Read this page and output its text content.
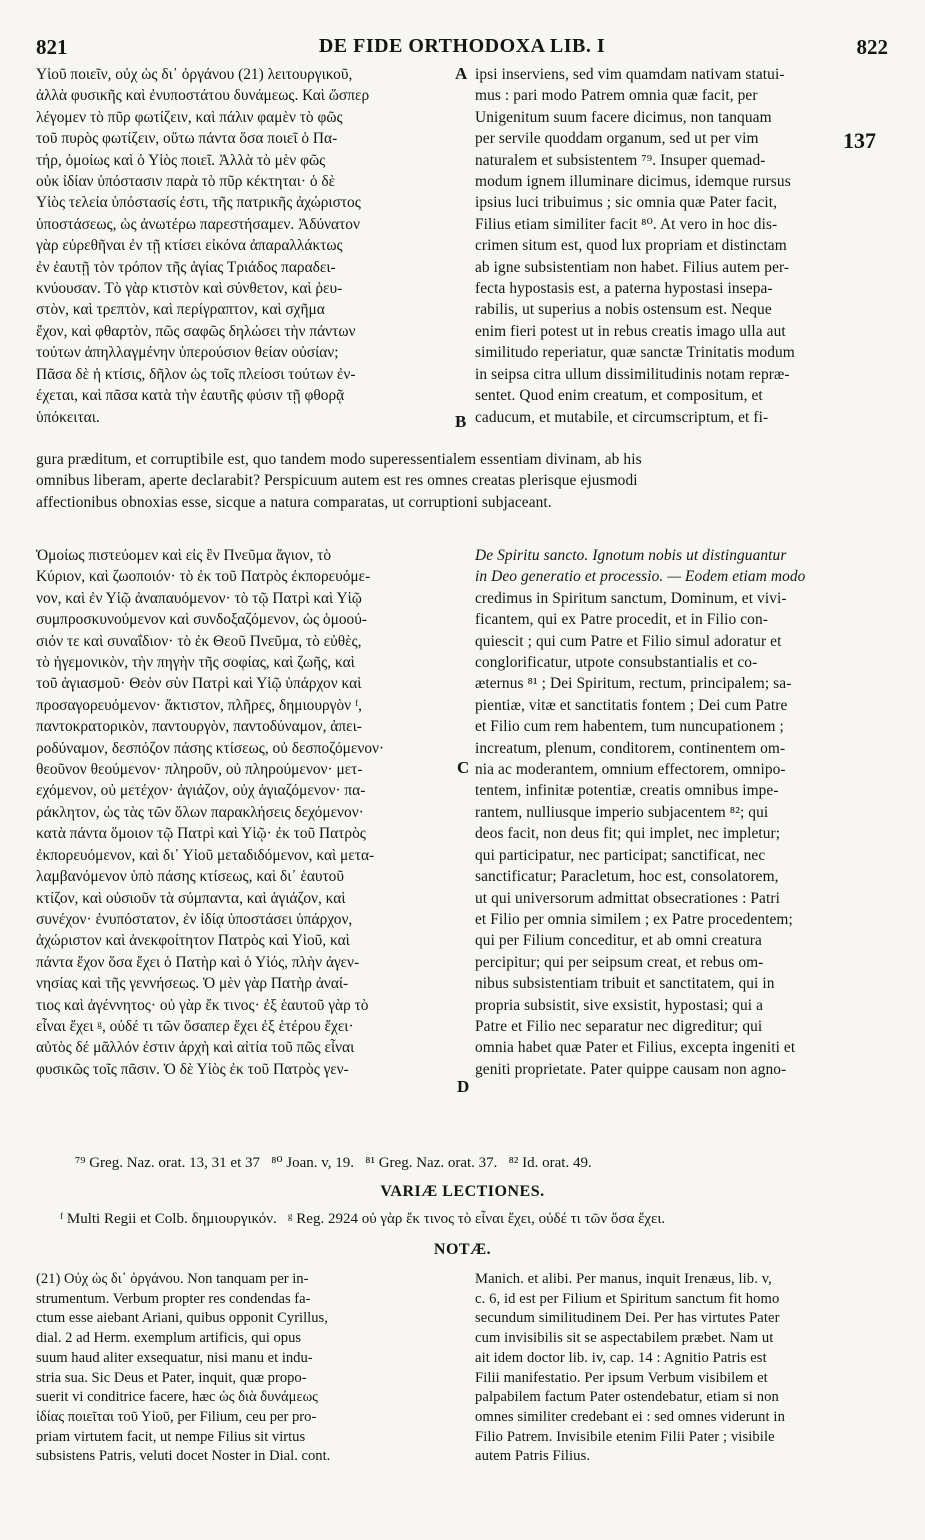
821	DE FIDE ORTHODOXA LIB. I	822
Υἱοῦ ποιεῖν, οὐχ ὡς δι᾽ ὀργάνου (21) λειτουργικοῦ,
ἀλλὰ φυσικῆς καὶ ἐνυποστάτου δυνάμεως. Καὶ ὥσπερ
λέγομεν τὸ πῦρ φωτίζειν, καὶ πάλιν φαμὲν τὸ φῶς
τοῦ πυρὸς φωτίζειν, οὕτω πάντα ὅσα ποιεῖ ὁ Πα-
τήρ, ὁμοίως καὶ ὁ Υἱὸς ποιεῖ. Ἀλλὰ τὸ μὲν φῶς
οὐκ ἰδίαν ὑπόστασιν παρὰ τὸ πῦρ κέκτηται· ὁ δὲ
Υἱὸς τελεία ὑπόστασίς ἐστι, τῆς πατρικῆς ἀχώριστος
ὑποστάσεως, ὡς ἀνωτέρω παρεστήσαμεν. Ἀδύνατον
γὰρ εὑρεθῆναι ἐν τῇ κτίσει εἰκόνα ἀπαραλλάκτως
ἐν ἑαυτῇ τὸν τρόπον τῆς ἁγίας Τριάδος παραδει-
κνύουσαν. Τὸ γὰρ κτιστὸν καὶ σύνθετον, καὶ ῥευ-
στὸν, καὶ τρεπτὸν, καὶ περίγραπτον, καὶ σχῆμα
ἔχον, καὶ φθαρτὸν, πῶς σαφῶς δηλώσει τὴν πάντων
τούτων ἀπηλλαγμένην ὑπερούσιον θείαν οὐσίαν;
Πᾶσα δὲ ἡ κτίσις, δῆλον ὡς τοῖς πλείοσι τούτων ἐν-
έχεται, καὶ πᾶσα κατὰ τὴν ἑαυτῆς φύσιν τῇ φθορᾷ
ὑπόκειται.
ipsi inserviens, sed vim quamdam nativam statui-
mus : pari modo Patrem omnia quæ facit, per
Unigenitum suum facere dicimus, non tanquam
per servile quoddam organum, sed ut per vim
naturalem et subsistentem ⁷⁹. Insuper quemad-
modum ignem illuminare dicimus, idemque rursus
ipsius luci tribuimus ; sic omnia quæ Pater facit,
Filius etiam similiter facit ⁸⁰. At vero in hoc dis-
crimen situm est, quod lux propriam et distinctam
ab igne subsistentiam non habet. Filius autem per-
fecta hypostasis est, a paterna hypostasi insepa-
rabilis, ut superius a nobis ostensum est. Neque
enim fieri potest ut in rebus creatis imago ulla aut
similitudo reperiatur, quæ sanctæ Trinitatis modum
in seipsa citra ullum dissimilitudinis notam repræ-
sentet. Quod enim creatum, et compositum, et
caducum, et mutabile, et circumscriptum, et fi-
A
B
137
gura præditum, et corruptibile est, quo tandem modo superessentialem essentiam divinam, ab his
omnibus liberam, aperte declarabit? Perspicuum autem est res omnes creatas plerisque ejusmodi
affectionibus obnoxias esse, sicque a natura comparatas, ut corruptioni subjaceant.
Ὁμοίως πιστεύομεν καὶ εἰς ἓν Πνεῦμα ἅγιον, τὸ
Κύριον, καὶ ζωοποιόν· τὸ ἐκ τοῦ Πατρὸς ἐκπορευόμε-
νον, καὶ ἐν Υἱῷ ἀναπαυόμενον· τὸ τῷ Πατρὶ καὶ Υἱῷ
συμπροσκυνούμενον καὶ συνδοξαζόμενον, ὡς ὁμοού-
σιόν τε καὶ συναΐδιον· τὸ ἐκ Θεοῦ Πνεῦμα, τὸ εὐθὲς,
τὸ ἡγεμονικὸν, τὴν πηγὴν τῆς σοφίας, καὶ ζωῆς, καὶ
τοῦ ἁγιασμοῦ· Θεὸν σὺν Πατρὶ καὶ Υἱῷ ὑπάρχον καὶ
προσαγορευόμενον· ἄκτιστον, πλῆρες, δημιουργὸν ᶠ,
παντοκρατορικὸν, παντουργὸν, παντοδύναμον, ἀπει-
ροδύναμον, δεσπόζον πάσης κτίσεως, οὐ δεσποζόμενον·
θεοῦνον θεούμενον· πληροῦν, οὐ πληρούμενον· μετ-
εχόμενον, οὐ μετέχον· ἁγιάζον, οὐχ ἁγιαζόμενον· πα-
ράκλητον, ὡς τὰς τῶν ὅλων παρακλήσεις δεχόμενον·
κατὰ πάντα ὅμοιον τῷ Πατρὶ καὶ Υἱῷ· ἐκ τοῦ Πατρὸς
ἐκπορευόμενον, καὶ δι᾽ Υἱοῦ μεταδιδόμενον, καὶ μετα-
λαμβανόμενον ὑπὸ πάσης κτίσεως, καὶ δι᾽ ἑαυτοῦ
κτίζον, καὶ οὐσιοῦν τὰ σύμπαντα, καὶ ἁγιάζον, καὶ
συνέχον· ἐνυπόστατον, ἐν ἰδίᾳ ὑποστάσει ὑπάρχον,
ἀχώριστον καὶ ἀνεκφοίτητον Πατρὸς καὶ Υἱοῦ, καὶ
πάντα ἔχον ὅσα ἔχει ὁ Πατὴρ καὶ ὁ Υἱός, πλὴν ἀγεν-
νησίας καὶ τῆς γεννήσεως. Ὁ μὲν γὰρ Πατὴρ ἀναί-
τιος καὶ ἀγέννητος· οὐ γὰρ ἔκ τινος· ἐξ ἑαυτοῦ γὰρ τὸ
εἶναι ἔχει ᵍ, οὐδέ τι τῶν ὅσαπερ ἔχει ἐξ ἑτέρου ἔχει·
αὐτὸς δέ μᾶλλόν ἐστιν ἀρχὴ καὶ αἰτία τοῦ πῶς εἶναι
φυσικῶς τοῖς πᾶσιν. Ὁ δὲ Υἱὸς ἐκ τοῦ Πατρὸς γεν-
De Spiritu sancto. Ignotum nobis ut distinguantur
in Deo generatio et processio. — Eodem etiam modo
credimus in Spiritum sanctum, Dominum, et vivi-
ficantem, qui ex Patre procedit, et in Filio con-
quiescit ; qui cum Patre et Filio simul adoratur et
conglorificatur, utpote consubstantialis et co-
æternus ⁸¹ ; Dei Spiritum, rectum, principalem; sa-
pientiæ, vitæ et sanctitatis fontem ; Dei cum Patre
et Filio cum rem habentem, tum nuncupationem ;
increatum, plenum, conditorem, continentem om-
nia ac moderantem, omnium effectorem, omnipo-
tentem, infinitæ potentiæ, creatis omnibus impe-
rantem, nulliusque imperio subjacentem ⁸²; qui
deos facit, non deus fit; qui implet, nec impletur;
qui participatur, nec participat; sanctificat, nec
sanctificatur; Paracletum, hoc est, consolatorem,
ut qui universorum admittat obsecrationes : Patri
et Filio per omnia similem ; ex Patre procedentem;
qui per Filium conceditur, et ab omni creatura
percipitur; qui per seipsum creat, et rebus om-
nibus subsistentiam tribuit et sanctitatem, qui in
propria subsistit, sive exsistit, hypostasi; qui a
Patre et Filio nec separatur nec digreditur; qui
omnia habet quæ Pater et Filius, excepta ingeniti et
geniti proprietate. Pater quippe causam non agno-
C
D
⁷⁹ Greg. Naz. orat. 13, 31 et 37   ⁸⁰ Joan. v, 19.   ⁸¹ Greg. Naz. orat. 37.   ⁸² Id. orat. 49.
VARIÆ LECTIONES.
ᶠ Multi Regii et Colb. δημιουργικόν.   ᵍ Reg. 2924 οὐ γὰρ ἔκ τινος τὸ εἶναι ἔχει, οὐδέ τι τῶν ὅσα ἔχει.
NOTÆ.
(21) Οὐχ ὡς δι᾽ ὀργάνου. Non tanquam per in-
strumentum. Verbum propter res condendas fa-
ctum esse aiebant Ariani, quibus opponit Cyrillus,
dial. 2 ad Herm. exemplum artificis, qui opus
suum haud aliter exsequatur, nisi manu et indu-
stria sua. Sic Deus et Pater, inquit, quæ propo-
suerit vi conditrice facere, hæc ὡς διὰ δυνάμεως
ἰδίας ποιεῖται τοῦ Υἱοῦ, per Filium, ceu per pro-
priam virtutem facit, ut nempe Filius sit virtus
subsistens Patris, veluti docet Noster in Dial. cont.
Manich. et alibi. Per manus, inquit Irenæus, lib. v,
c. 6, id est per Filium et Spiritum sanctum fit homo
secundum similitudinem Dei. Per has virtutes Pater
cum invisibilis sit se aspectabilem præbet. Nam ut
ait idem doctor lib. iv, cap. 14 : Agnitio Patris est
Filii manifestatio. Per ipsum Verbum visibilem et
palpabilem factum Pater ostendebatur, etiam si non
omnes similiter credebant ei : sed omnes viderunt in
Filio Patrem. Invisibile etenim Filii Pater ; visibile
autem Patris Filius.
